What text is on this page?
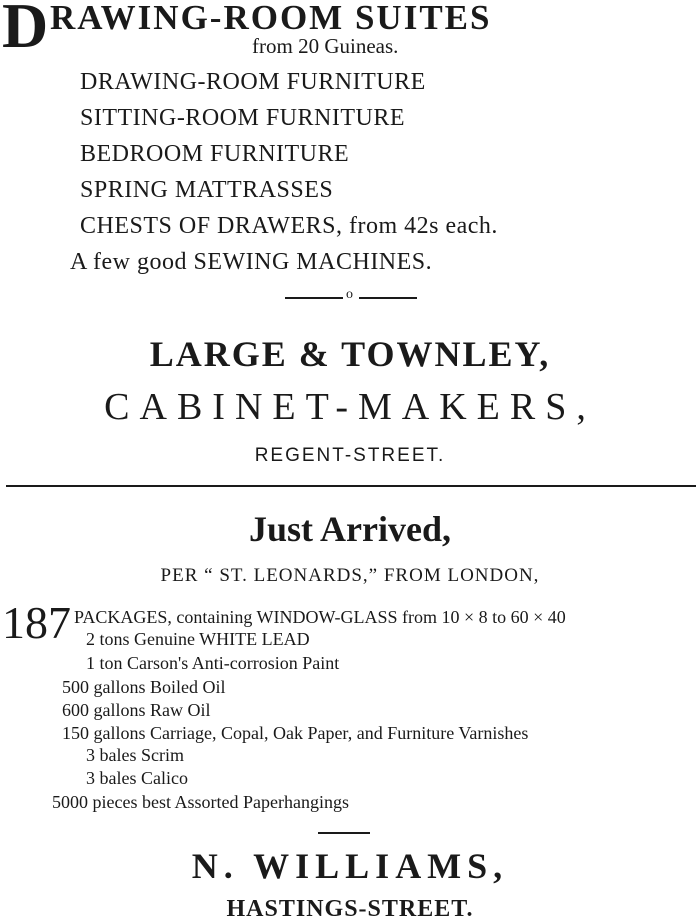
D RAWING-ROOM SUITES
from 20 Guineas.
DRAWING-ROOM FURNITURE
SITTING-ROOM FURNITURE
BEDROOM FURNITURE
SPRING MATTRASSES
CHESTS OF DRAWERS, from 42s each.
A few good SEWING MACHINES.
o
LARGE & TOWNLEY,
CABINET-MAKERS,
REGENT-STREET.
Just Arrived,
PER “ ST. LEONARDS,” FROM LONDON,
187 PACKAGES, containing WINDOW-GLASS from 10 × 8 to 60 × 40
2 tons Genuine WHITE LEAD
1 ton Carson's Anti-corrosion Paint
500 gallons Boiled Oil
600 gallons Raw Oil
150 gallons Carriage, Copal, Oak Paper, and Furniture Varnishes
3 bales Scrim
3 bales Calico
5000 pieces best Assorted Paperhangings
N. WILLIAMS,
HASTINGS-STREET.
